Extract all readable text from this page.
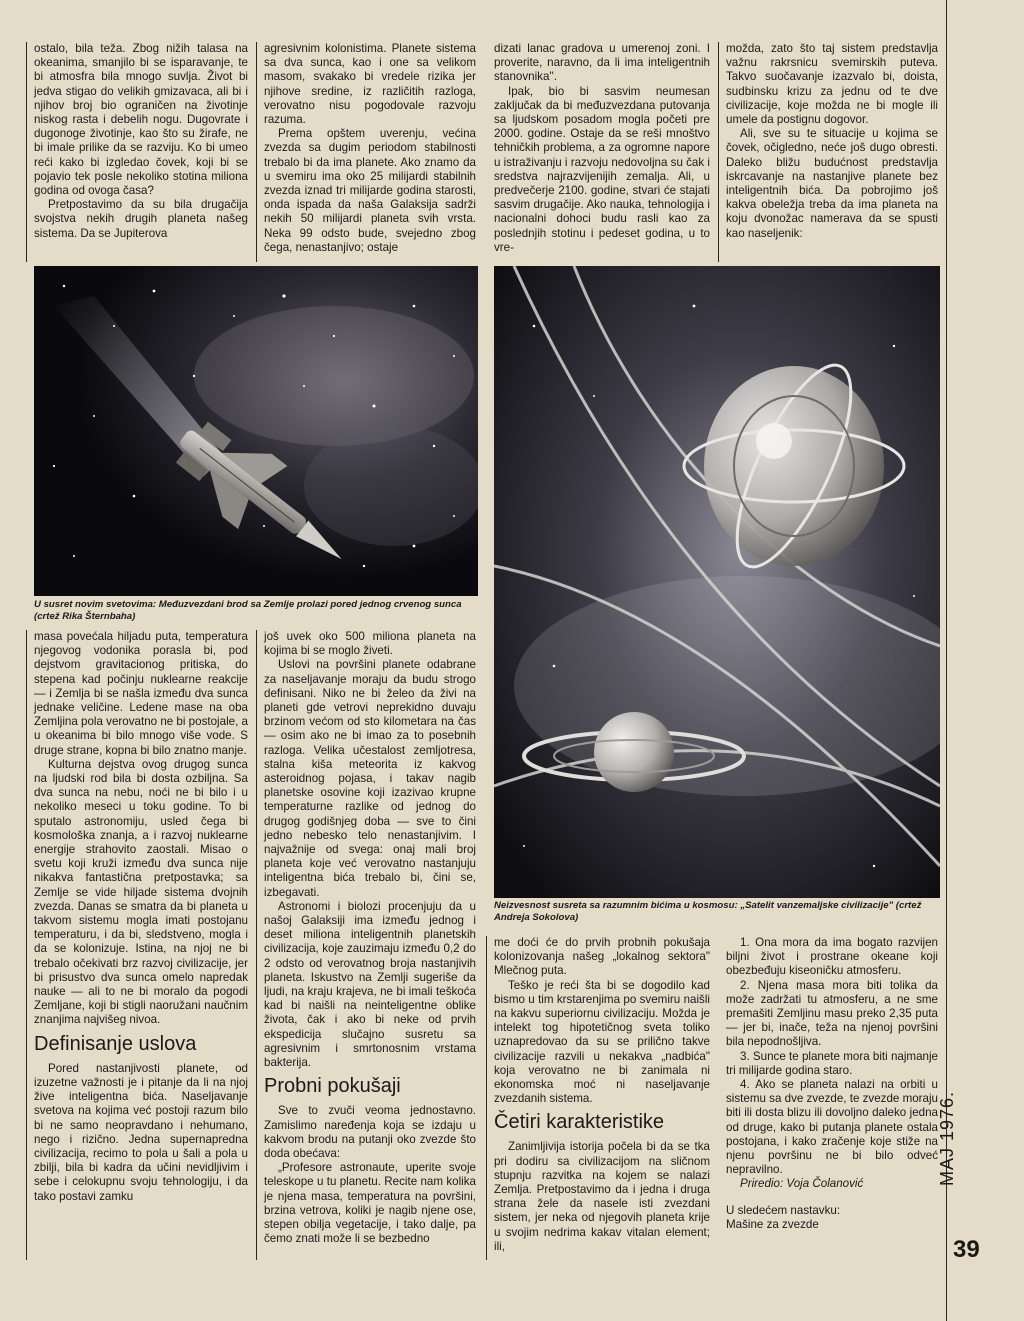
ostalo, bila teža. Zbog nižih talasa na okeanima, smanjilo bi se isparavanje, te bi atmosfra bila mnogo suvlja. Život bi jedva stigao do velikih gmizavaca, ali bi i njihov broj bio ograničen na životinje niskog rasta i debelih nogu. Dugovrate i dugonoge životinje, kao što su žirafe, ne bi imale prilike da se razviju. Ko bi umeo reći kako bi izgledao čovek, koji bi se pojavio tek posle nekoliko stotina miliona godina od ovoga časa?

Pretpostavimo da su bila drugačija svojstva nekih drugih planeta našeg sistema. Da se Jupiterova

agresivnim kolonistima. Planete sistema sa dva sunca, kao i one sa velikom masom, svakako bi vredele rizika jer njihove sredine, iz različitih razloga, verovatno nisu pogodovale razvoju razuma.

Prema opštem uverenju, većina zvezda sa dugim periodom stabilnosti trebalo bi da ima planete. Ako znamo da u svemiru ima oko 25 milijardi stabilnih zvezda iznad tri milijarde godina starosti, onda ispada da naša Galaksija sadrži nekih 50 milijardi planeta svih vrsta. Neka 99 odsto bude, svejedno zbog čega, nenastanjivo; ostaje

dizati lanac gradova u umerenoj zoni. I proverite, naravno, da li ima inteligentnih stanovnika''.

Ipak, bio bi sasvim neumesan zaključak da bi međuzvezdana putovanja sa ljudskom posadom mogla početi pre 2000. godine. Ostaje da se reši mnoštvo tehničkih problema, a za ogromne napore u istraživanju i razvoju nedovoljna su čak i sredstva najrazvijenijih zemalja. Ali, u predvečerje 2100. godine, stvari će stajati sasvim drugačije. Ako nauka, tehnologija i nacionalni dohoci budu rasli kao za poslednjih stotinu i pedeset godina, u to vre-

možda, zato što taj sistem predstavlja važnu rakrsnicu svemirskih puteva. Takvo suočavanje izazvalo bi, doista, sudbinsku krizu za jednu od te dve civilizacije, koje možda ne bi mogle ili umele da postignu dogovor.

Ali, sve su te situacije u kojima se čovek, očigledno, neće još dugo obresti. Daleko bližu budućnost predstavlja iskrcavanje na nastanjive planete bez inteligentnih bića. Da pobrojimo još kakva obeležja treba da ima planeta na koju dvonožac namerava da se spusti kao naseljenik:

U susret novim svetovima: Međuzvezdani brod sa Zemlje prolazi pored jednog crvenog sunca (crtež Rika Šternbaha)
Neizvesnost susreta sa razumnim bićima u kosmosu: „Satelit vanzemaljske civilizacije" (crtež Andreja Sokolova)

masa povećala hiljadu puta, temperatura njegovog vodonika porasla bi, pod dejstvom gravitacionog pritiska, do stepena kad počinju nuklearne reakcije — i Zemlja bi se našla između dva sunca jednake veličine. Ledene mase na oba Zemljina pola verovatno ne bi postojale, a u okeanima bi bilo mnogo više vode. S druge strane, kopna bi bilo znatno manje.

Kulturna dejstva ovog drugog sunca na ljudski rod bila bi dosta ozbiljna. Sa dva sunca na nebu, noći ne bi bilo i u nekoliko meseci u toku godine. To bi sputalo astronomiju, usled čega bi kosmološka znanja, a i razvoj nuklearne energije strahovito zaostali. Misao o svetu koji kruži između dva sunca nije nikakva fantastična pretpostavka; sa Zemlje se vide hiljade sistema dvojnih zvezda. Danas se smatra da bi planeta u takvom sistemu mogla imati postojanu temperaturu, i da bi, sledstveno, mogla i da se kolonizuje. Istina, na njoj ne bi trebalo očekivati brz razvoj civilizacije, jer bi prisustvo dva sunca omelo napredak nauke — ali to ne bi moralo da pogodi Zemljane, koji bi stigli naoružani naučnim znanjima najvišeg nivoa.

Definisanje uslova

Pored nastanjivosti planete, od izuzetne važnosti je i pitanje da li na njoj žive inteligentna bića. Naseljavanje svetova na kojima već postoji razum bilo bi ne samo neopravdano i nehumano, nego i rizično. Jedna supernapredna civilizacija, recimo to pola u šali a pola u zbilji, bila bi kadra da učini nevidljivim i sebe i celokupnu svoju tehnologiju, i da tako postavi zamku

još uvek oko 500 miliona planeta na kojima bi se moglo živeti.

Uslovi na površini planete odabrane za naseljavanje moraju da budu strogo definisani. Niko ne bi želeo da živi na planeti gde vetrovi neprekidno duvaju brzinom većom od sto kilometara na čas — osim ako ne bi imao za to posebnih razloga. Velika učestalost zemljotresa, stalna kiša meteorita iz kakvog asteroidnog pojasa, i takav nagib planetske osovine koji izazivao krupne temperaturne razlike od jednog do drugog godišnjeg doba — sve to čini jedno nebesko telo nenastanjivim. I najvažnije od svega: onaj mali broj planeta koje već verovatno nastanjuju inteligentna bića trebalo bi, čini se, izbegavati.

Astronomi i biolozi procenjuju da u našoj Galaksiji ima između jednog i deset miliona inteligentnih planetskih civilizacija, koje zauzimaju između 0,2 do 2 odsto od verovatnog broja nastanjivih planeta. Iskustvo na Zemlji sugeriše da ljudi, na kraju krajeva, ne bi imali teškoća kad bi naišli na neinteligentne oblike života, čak i ako bi neke od prvih ekspedicija slučajno susretu sa agresivnim i smrtonosnim vrstama bakterija.

Probni pokušaji

Sve to zvuči veoma jednostavno. Zamislimo naređenja koja se izdaju u kakvom brodu na putanji oko zvezde što doda obećava:

„Profesore astronaute, uperite svoje teleskope u tu planetu. Recite nam kolika je njena masa, temperatura na površini, brzina vetrova, koliki je nagib njene ose, stepen obilja vegetacije, i tako dalje, pa čemo znati može li se bezbedno

me doći će do prvih probnih pokušaja kolonizovanja našeg „lokalnog sektora" Mlečnog puta.

Teško je reći šta bi se dogodilo kad bismo u tim krstarenjima po svemiru naišli na kakvu superiornu civilizaciju. Možda je intelekt tog hipotetičnog sveta toliko uznapredovao da su se prilično takve civilizacije razvili u nekakva „nadbića" koja verovatno ne bi zanimala ni ekonomska moć ni naseljavanje zvezdanih sistema.

Četiri karakteristike

Zanimljivija istorija počela bi da se tka pri dodiru sa civilizacijom na sličnom stupnju razvitka na kojem se nalazi Zemlja. Pretpostavimo da i jedna i druga strana žele da nasele isti zvezdani sistem, jer neka od njegovih planeta krije u svojim nedrima kakav vitalan element; ili,

1. Ona mora da ima bogato razvijen biljni život i prostrane okeane koji obezbeđuju kiseoničku atmosferu.

2. Njena masa mora biti tolika da može zadržati tu atmosferu, a ne sme premašiti Zemljinu masu preko 2,35 puta — jer bi, inače, teža na njenoj površini bila nepodnošljiva.

3. Sunce te planete mora biti najmanje tri milijarde godina staro.

4. Ako se planeta nalazi na orbiti u sistemu sa dve zvezde, te zvezde moraju biti ili dosta blizu ili dovoljno daleko jedna od druge, kako bi putanja planete ostala postojana, i kako zračenje koje stiže na njenu površinu ne bi bilo odveć nepravilno.

Priredio: Voja Čolanović

U sledećem nastavku:

Mašine za zvezde

MAJ 1976.
39
